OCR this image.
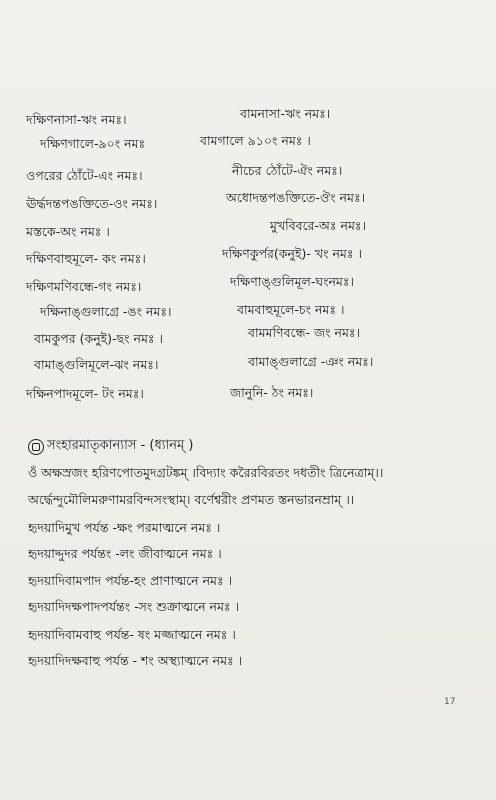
দক্ষিণনাসা-ঋং নমঃ।	বামনাসা-ঋং নমঃ।
দক্ষিণগালে-৯০ং নমঃ	বামগালে ৯১০ং নমঃ ।
ওপরের ঠোঁটে-এং নমঃ।	নীচের ঠোঁটে-ঐং নমঃ।
ঊর্দ্ধদন্তপঙক্তিতে-ওং নমঃ।	অধোদন্তপঙক্তিতে-ঔং নমঃ।
মস্তকে-অং নমঃ ।	মুখবিবরে-অঃ নমঃ।
দক্ষিণবাহুমূলে- কং নমঃ।	দক্ষিণকুর্পর(কনুই)- খং নমঃ ।
দক্ষিণমণিবন্ধে-গং নমঃ।	দক্ষিণাঙ্গুলিমূল-ঘংনমঃ।
দক্ষিনাঙ্গুলাগ্রে -ঙং নমঃ।	বামবাহুমূলে-চং নমঃ ।
বামকুপর (কনুই)-ছং নমঃ ।	বামমণিবন্ধে- জং নমঃ।
বামাঙ্গুলিমূলে-ঝং নমঃ।	বামাঙ্গুলাগ্রে -ঞং নমঃ।
দক্ষিনপাদমূলে- টং নমঃ।	জানুনি- ঠং নমঃ।
সংহারমাতৃকান্যাস - (ধ্যানম্ )
ওঁ অক্ষস্রজং হরিণপোতমুদগ্রটঙ্কম্ ।বিদ্যাং করৈরবিরতং দধতীং ত্রিনেত্রাম্।।
অর্দ্ধেন্দুমৌলিমরুণামরবিন্দসংস্থাম্। বর্ণেশ্বরীং প্রণমত স্তনভারনম্রাম্ ।।
হৃদয়াদিমুখ পর্যন্ত -ক্ষং পরমাত্মনে নমঃ ।
হৃদয়াদ্দুদর পর্যন্তং -লং জীবাত্মনে নমঃ ।
হৃদয়াদিবামপাদ পর্যন্ত-হং প্রাণাত্মনে নমঃ ।
হৃদয়াদিদক্ষপাদপর্যন্তং -সং শুক্রাত্মনে নমঃ ।
হৃদয়াদিবামবাহু পর্যন্ত- ষং মজ্জাত্মনে নমঃ ।
হৃদয়াদিদক্ষবাহু পর্যন্ত - শং অস্থ্যাত্মনে নমঃ ।
17
